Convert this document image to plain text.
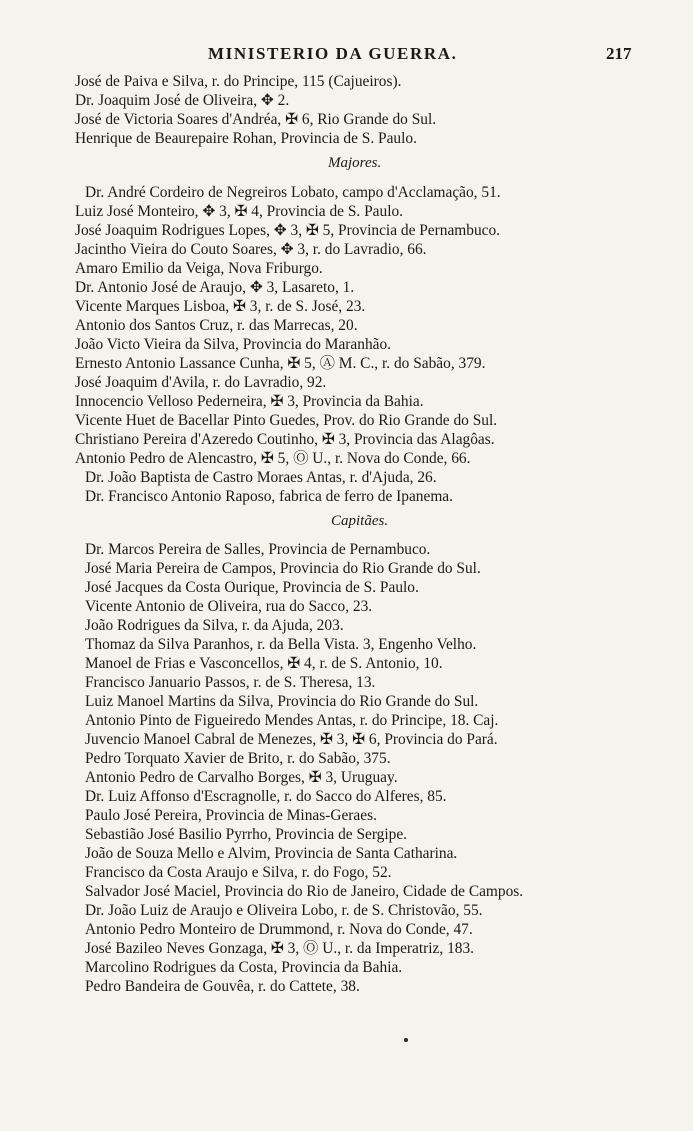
MINISTERIO DA GUERRA.	217
José de Paiva e Silva, r. do Principe, 115 (Cajueiros).
Dr. Joaquim José de Oliveira, ✥ 2.
José de Victoria Soares d'Andréa, ✠ 6, Rio Grande do Sul.
Henrique de Beaurepaire Rohan, Provincia de S. Paulo.
Majores.
Dr. André Cordeiro de Negreiros Lobato, campo d'Acclamação, 51.
Luiz José Monteiro, ✥ 3, ✠ 4, Provincia de S. Paulo.
José Joaquim Rodrigues Lopes, ✥ 3, ✠ 5, Provincia de Pernambuco.
Jacintho Vieira do Couto Soares, ✥ 3, r. do Lavradio, 66.
Amaro Emilio da Veiga, Nova Friburgo.
Dr. Antonio José de Araujo, ✥ 3, Lasareto, 1.
Vicente Marques Lisboa, ✠ 3, r. de S. José, 23.
Antonio dos Santos Cruz, r. das Marrecas, 20.
João Victo Vieira da Silva, Provincia do Maranhão.
Ernesto Antonio Lassance Cunha, ✠ 5, Ⓐ M. C., r. do Sabão, 379.
José Joaquim d'Avila, r. do Lavradio, 92.
Innocencio Velloso Pederneira, ✠ 3, Provincia da Bahia.
Vicente Huet de Bacellar Pinto Guedes, Prov. do Rio Grande do Sul.
Christiano Pereira d'Azeredo Coutinho, ✠ 3, Provincia das Alagôas.
Antonio Pedro de Alencastro, ✠ 5, Ⓞ U., r. Nova do Conde, 66.
Dr. João Baptista de Castro Moraes Antas, r. d'Ajuda, 26.
Dr. Francisco Antonio Raposo, fabrica de ferro de Ipanema.
Capitães.
Dr. Marcos Pereira de Salles, Provincia de Pernambuco.
José Maria Pereira de Campos, Provincia do Rio Grande do Sul.
José Jacques da Costa Ourique, Provincia de S. Paulo.
Vicente Antonio de Oliveira, rua do Sacco, 23.
João Rodrigues da Silva, r. da Ajuda, 203.
Thomaz da Silva Paranhos, r. da Bella Vista. 3, Engenho Velho.
Manoel de Frias e Vasconcellos, ✠ 4, r. de S. Antonio, 10.
Francisco Januario Passos, r. de S. Theresa, 13.
Luiz Manoel Martins da Silva, Provincia do Rio Grande do Sul.
Antonio Pinto de Figueiredo Mendes Antas, r. do Principe, 18. Caj.
Juvencio Manoel Cabral de Menezes, ✠ 3, ✠ 6, Provincia do Pará.
Pedro Torquato Xavier de Brito, r. do Sabão, 375.
Antonio Pedro de Carvalho Borges, ✠ 3, Uruguay.
Dr. Luiz Affonso d'Escragnolle, r. do Sacco do Alferes, 85.
Paulo José Pereira, Provincia de Minas-Geraes.
Sebastião José Basilio Pyrrho, Provincia de Sergipe.
João de Souza Mello e Alvim, Provincia de Santa Catharina.
Francisco da Costa Araujo e Silva, r. do Fogo, 52.
Salvador José Maciel, Provincia do Rio de Janeiro, Cidade de Campos.
Dr. João Luiz de Araujo e Oliveira Lobo, r. de S. Christovão, 55.
Antonio Pedro Monteiro de Drummond, r. Nova do Conde, 47.
José Bazileo Neves Gonzaga, ✠ 3, Ⓞ U., r. da Imperatriz, 183.
Marcolino Rodrigues da Costa, Provincia da Bahia.
Pedro Bandeira de Gouvêa, r. do Cattete, 38.
